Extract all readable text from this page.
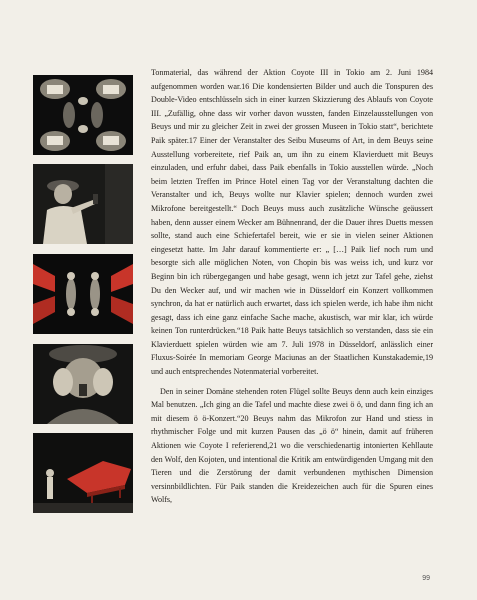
Tonmaterial, das während der Aktion Coyote III in Tokio am 2. Juni 1984 aufgenommen worden war.16 Die kondensierten Bilder und auch die Tonspuren des Double-Video entschlüsseln sich in einer kurzen Skizzierung des Ablaufs von Coyote III. „Zufällig, ohne dass wir vorher davon wussten, fanden Einzelausstellungen von Beuys und mir zu gleicher Zeit in zwei der grossen Museen in Tokio statt“, berichtete Paik später.17 Einer der Veranstalter des Seibu Museums of Art, in dem Beuys seine Ausstellung vorbereitete, rief Paik an, um ihn zu einem Klavierduett mit Beuys einzuladen, und erfuhr dabei, dass Paik ebenfalls in Tokio ausstellen würde. „Noch beim letzten Treffen im Prince Hotel einen Tag vor der Veranstaltung dachten die Veranstalter und ich, Beuys wollte nur Klavier spielen; dennoch wurden zwei Mikrofone bereitgestellt.“ Doch Beuys muss auch zusätzliche Wünsche geäussert haben, denn ausser einem Wecker am Bühnenrand, der die Dauer ihres Duetts messen sollte, stand auch eine Schiefertafel bereit, wie er sie in vielen seiner Aktionen eingesetzt hatte. Im Jahr darauf kommentierte er: „ […] Paik lief noch rum und besorgte sich alle möglichen Noten, von Chopin bis was weiss ich, und kurz vor Beginn bin ich rübergegangen und habe gesagt, wenn ich jetzt zur Tafel gehe, ziehst Du den Wecker auf, und wir machen wie in Düsseldorf ein Konzert vollkommen synchron, da hat er natürlich auch erwartet, dass ich spielen werde, ich habe ihm nicht gesagt, dass ich eine ganz einfache Sache mache, akustisch, war mir klar, ich würde keinen Ton runterdrücken.“18 Paik hatte Beuys tatsächlich so verstanden, dass sie ein Klavierduett spielen würden wie am 7. Juli 1978 in Düsseldorf, anlässlich einer Fluxus-Soirée In memoriam George Maciunas an der Staatlichen Kunstakademie,19 und auch entsprechendes Notenmaterial vorbereitet.

Den in seiner Domäne stehenden roten Flügel sollte Beuys denn auch kein einziges Mal benutzen. „Ich ging an die Tafel und machte diese zwei ö ö, und dann fing ich an mit diesem ö ö-Konzert.“20 Beuys nahm das Mikrofon zur Hand und stiess in rhythmischer Folge und mit kurzen Pausen das „ö ö“ hinein, damit auf früheren Aktionen wie Coyote I referierend,21 wo die verschiedenartig intonierten Kehllaute den Wolf, den Kojoten, und intentional die Kritik am entwürdigenden Umgang mit den Tieren und die Zerstörung der damit verbundenen mythischen Dimension versinnbildlichten. Für Paik standen die Kreidezeichen auch für die Spuren eines Wolfs,

99
